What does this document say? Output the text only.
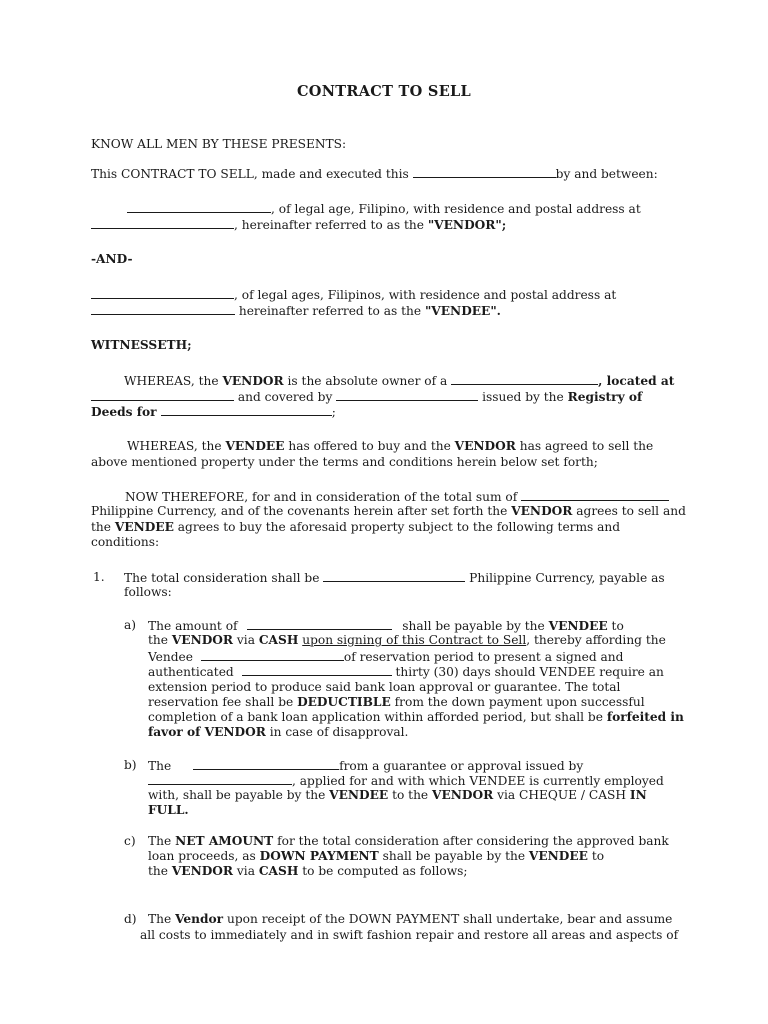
CONTRACT TO SELL
KNOW ALL MEN BY THESE PRESENTS:
This CONTRACT TO SELL, made and executed this	by and between:
, of legal age, Filipino, with residence and postal address at
, hereinafter referred to as the "VENDOR";
-AND-
, of legal ages, Filipinos, with residence and postal address at
hereinafter referred to as the "VENDEE".
WITNESSETH;
WHEREAS, the VENDOR is the absolute owner of a	, located at
and covered by	issued by the Registry of
Deeds for	;
WHEREAS, the VENDEE has offered to buy and the VENDOR has agreed to sell the
above mentioned property under the terms and conditions herein below set forth;
NOW THEREFORE, for and in consideration of the total sum of
Philippine Currency, and of the covenants herein after set forth the VENDOR agrees to sell and
the VENDEE agrees to buy the aforesaid property subject to the following terms and
conditions:
1. The total consideration shall be	Philippine Currency, payable as
follows:
a) The amount of	shall be payable by the VENDEE to
the VENDOR via CASH upon signing of this Contract to Sell, thereby affording the
Vendee	of reservation period to present a signed and
authenticated	thirty (30) days should VENDEE require an
extension period to produce said bank loan approval or guarantee. The total
reservation fee shall be DEDUCTIBLE from the down payment upon successful
completion of a bank loan application within afforded period, but shall be forfeited in
favor of VENDOR in case of disapproval.
b) The	from a guarantee or approval issued by
, applied for and with which VENDEE is currently employed
with, shall be payable by the VENDEE to the VENDOR via CHEQUE / CASH IN
FULL.
c) The NET AMOUNT for the total consideration after considering the approved bank
loan proceeds, as DOWN PAYMENT shall be payable by the VENDEE to
the VENDOR via CASH to be computed as follows;
d) The Vendor upon receipt of the DOWN PAYMENT shall undertake, bear and assume
all costs to immediately and in swift fashion repair and restore all areas and aspects of
